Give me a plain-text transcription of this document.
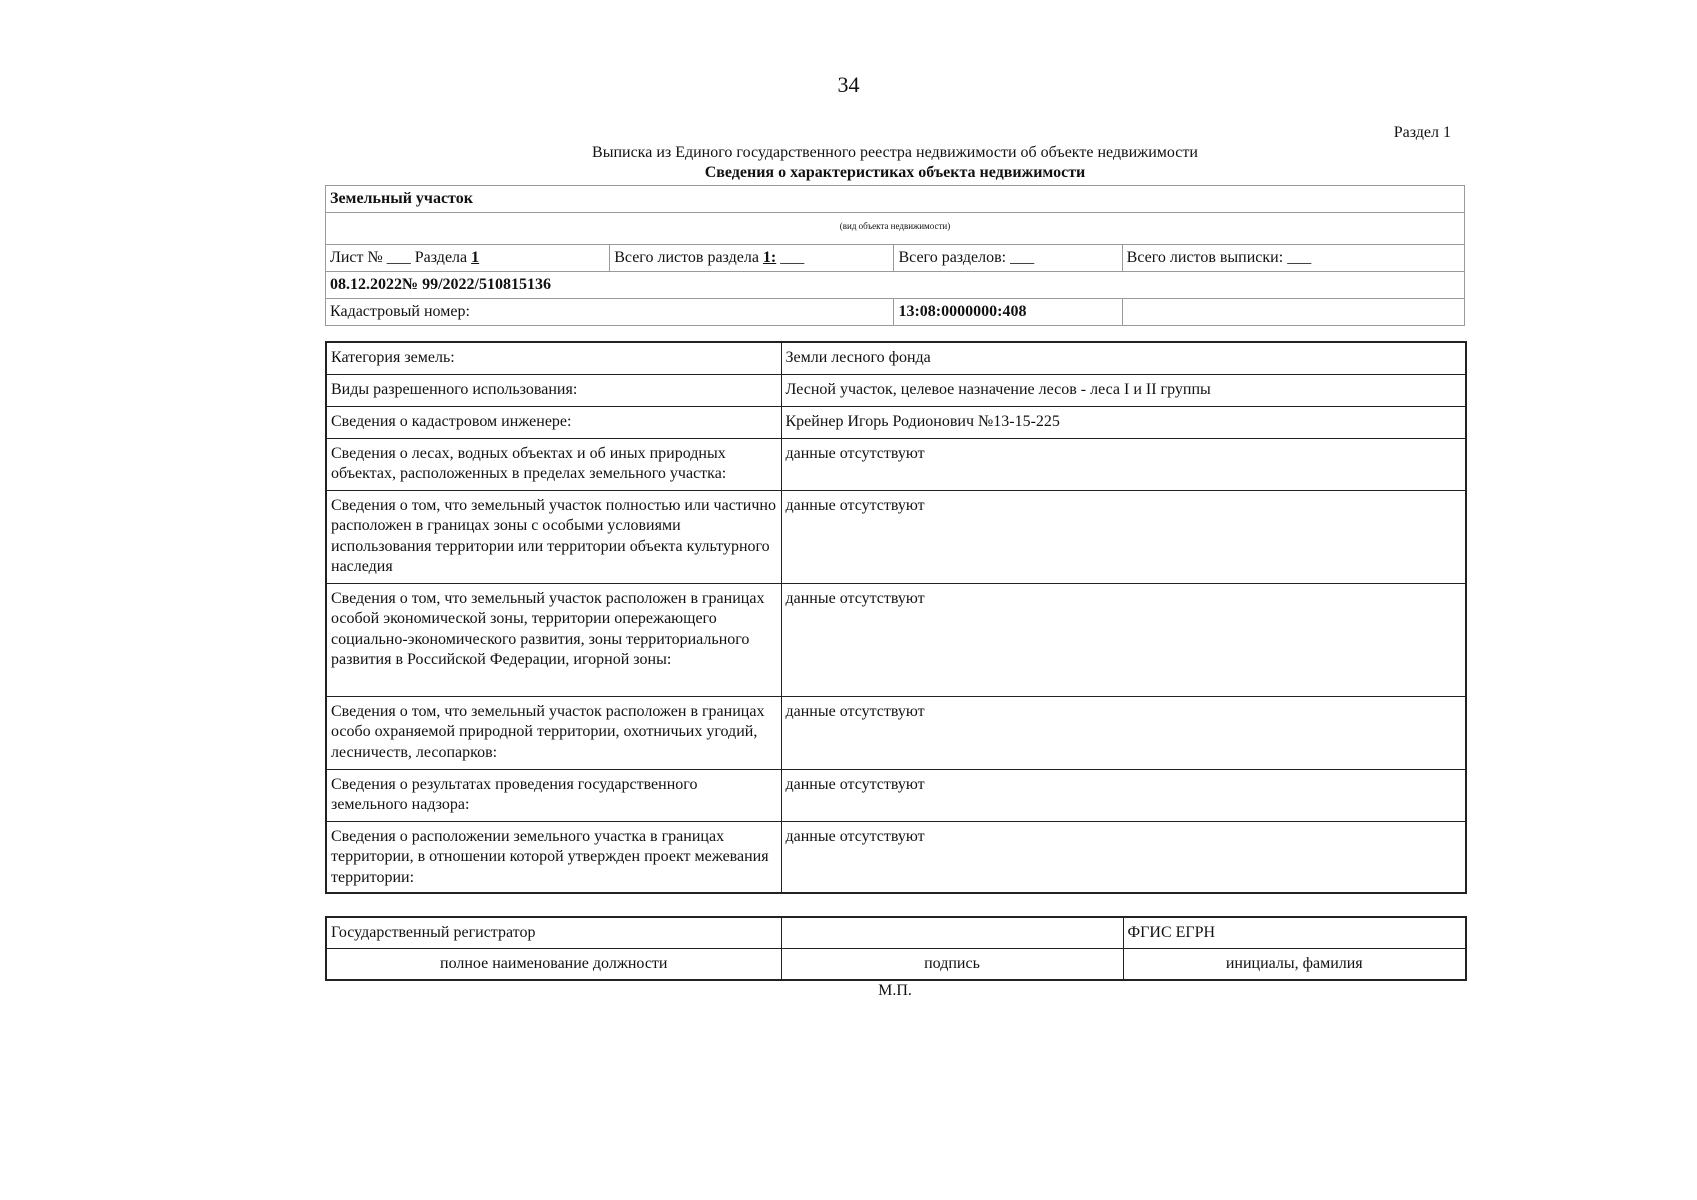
34
Раздел 1
Выписка из Единого государственного реестра недвижимости об объекте недвижимости
Сведения о характеристиках объекта недвижимости
Земельный участок			
(вид объекта недвижимости)			
Лист № ___ Раздела 1	Всего листов раздела 1: ___	Всего разделов: ___	Всего листов выписки: ___
08.12.2022№ 99/2022/510815136			
Кадастровый номер:		13:08:0000000:408	
Категория земель:	Земли лесного фонда
Виды разрешенного использования:	Лесной участок, целевое назначение лесов - леса I и II группы
Сведения о кадастровом инженере:	Крейнер Игорь Родионович №13-15-225
Сведения о лесах, водных объектах и об иных природных объектах, расположенных в пределах земельного участка:	данные отсутствуют
Сведения о том, что земельный участок полностью или частично расположен в границах зоны с особыми условиями использования территории или территории объекта культурного наследия	данные отсутствуют
Сведения о том, что земельный участок расположен в границах особой экономической зоны, территории опережающего социально-экономического развития, зоны территориального развития в Российской Федерации, игорной зоны:	данные отсутствуют
Сведения о том, что земельный участок расположен в границах особо охраняемой природной территории, охотничьих угодий, лесничеств, лесопарков:	данные отсутствуют
Сведения о результатах проведения государственного земельного надзора:	данные отсутствуют
Сведения о расположении земельного участка в границах территории, в отношении которой утвержден проект межевания территории:	данные отсутствуют
Государственный регистратор		ФГИС ЕГРН
полное наименование должности	подпись	инициалы, фамилия
М.П.
